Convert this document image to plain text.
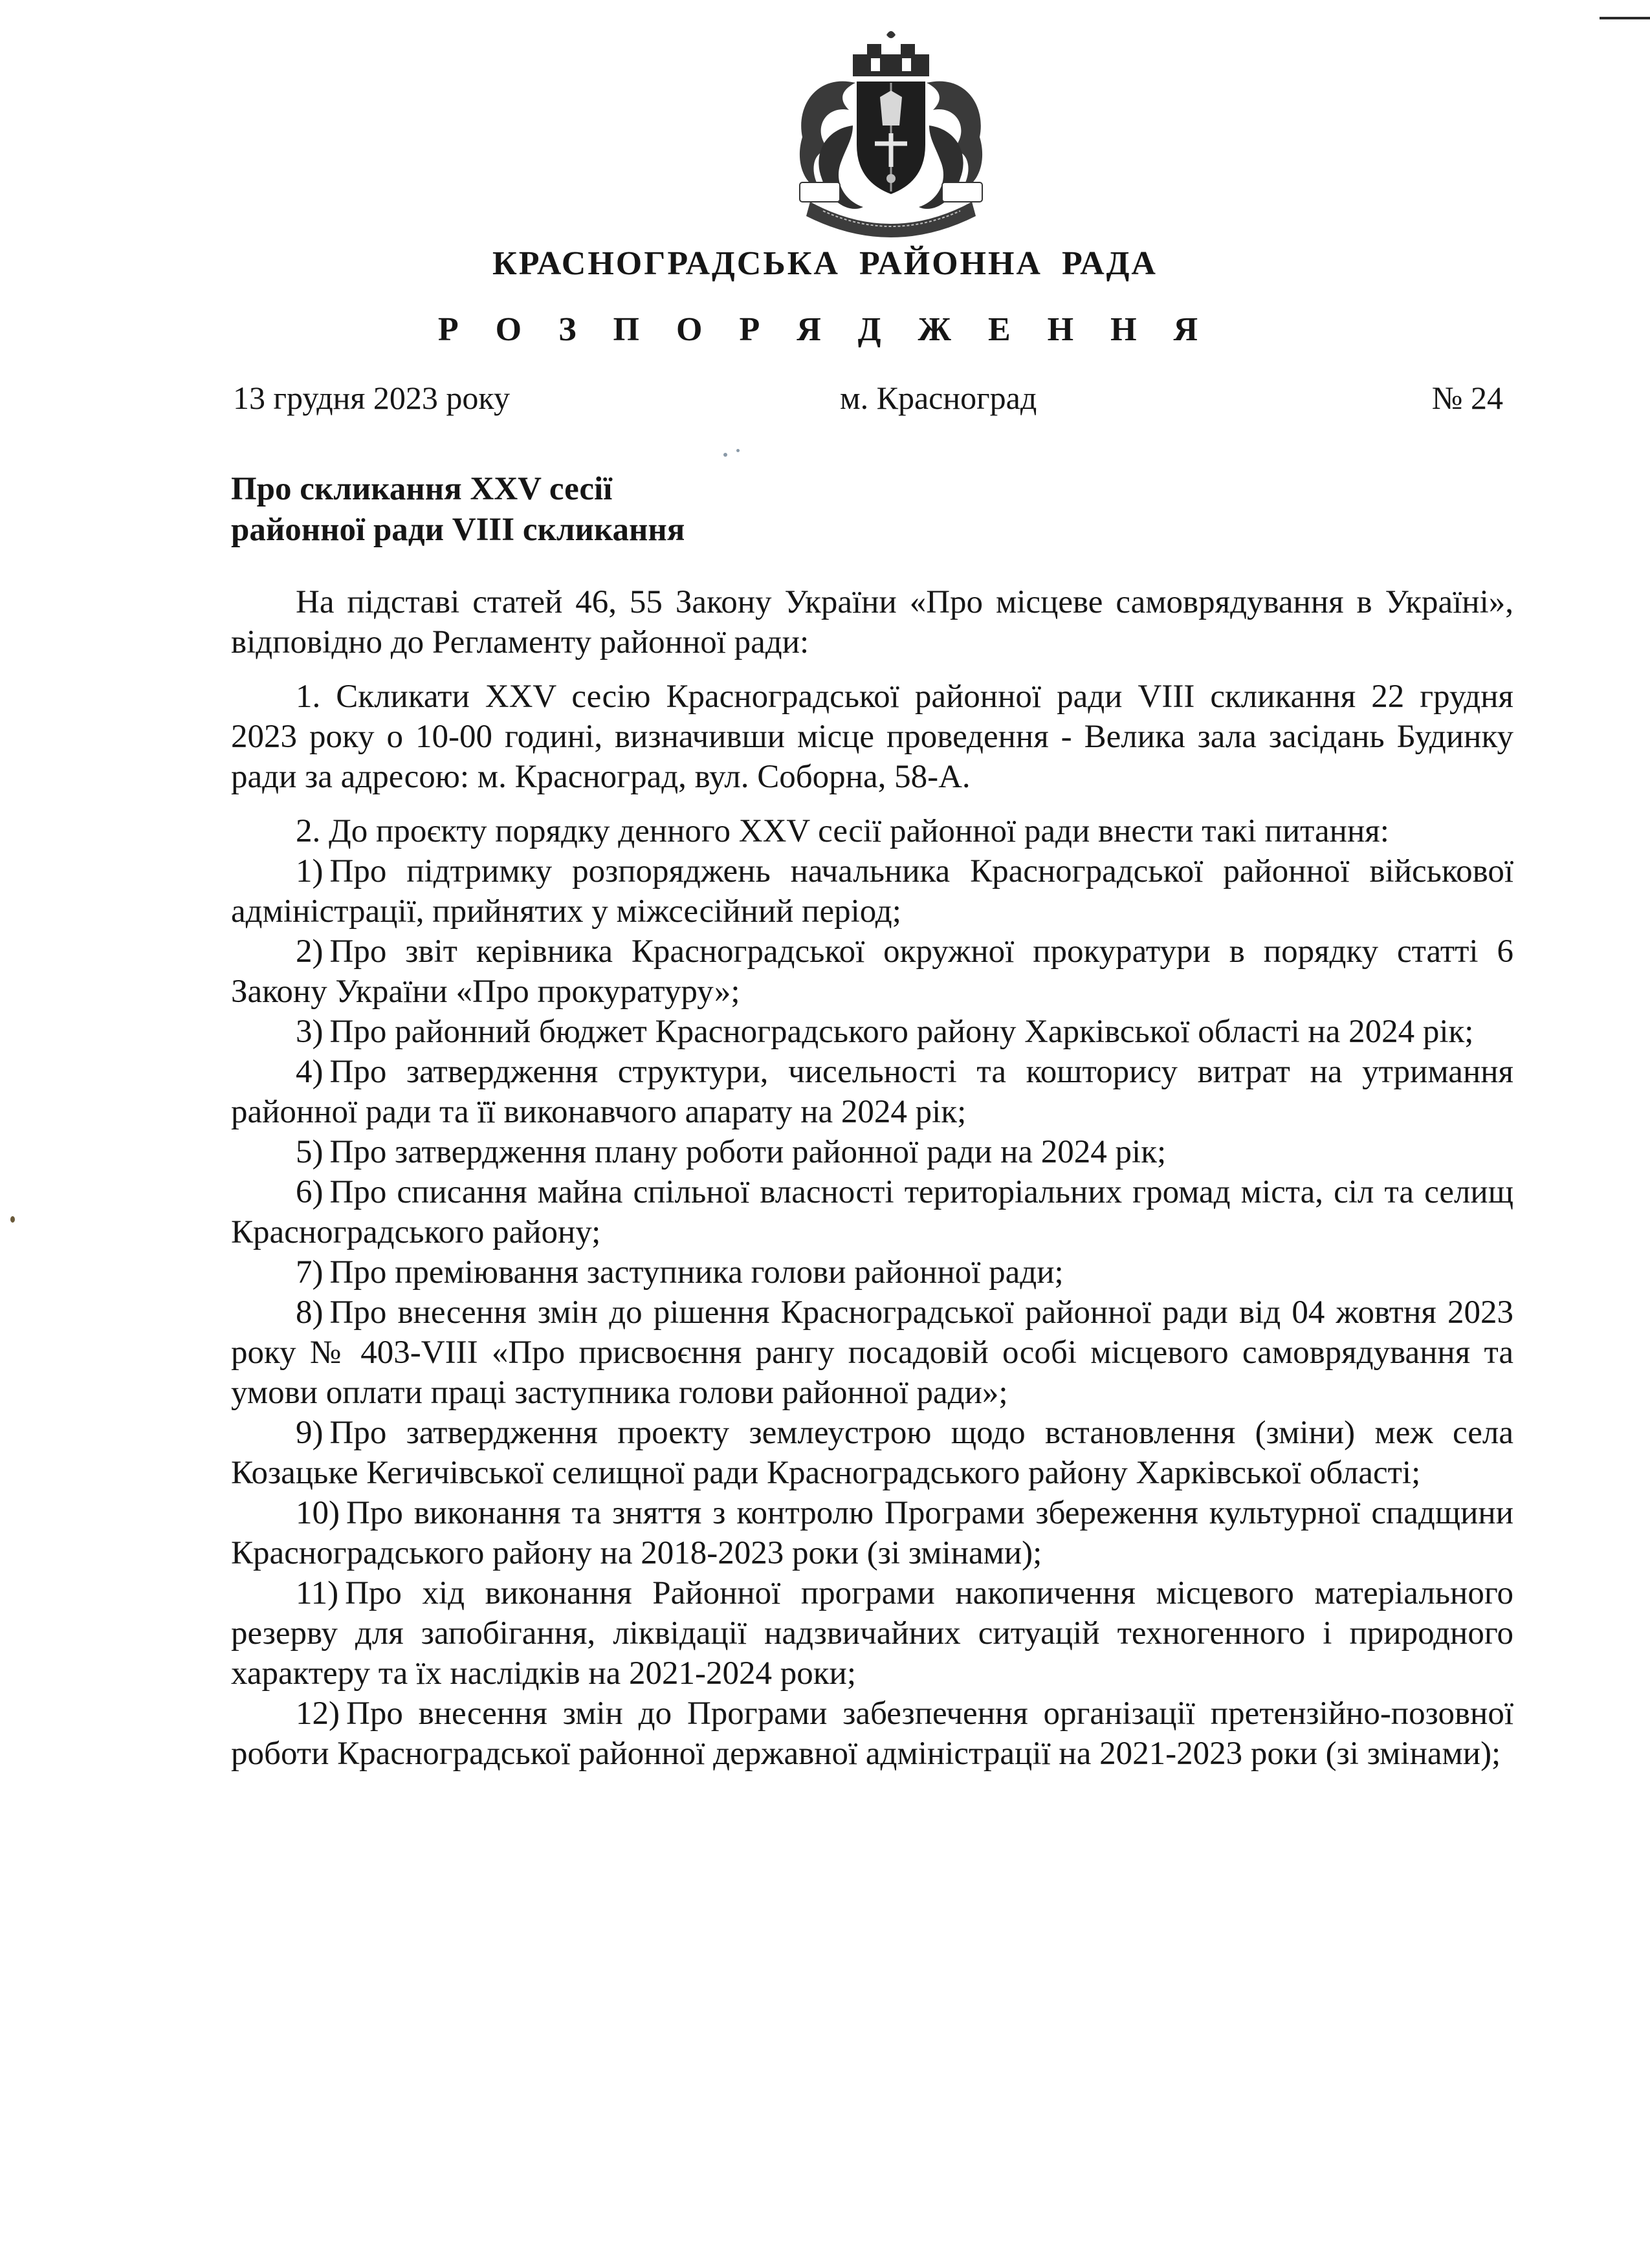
КРАСНОГРАДСЬКА РАЙОННА РАДА
Р О З П О Р Я Д Ж Е Н Н Я
13 грудня 2023 року	м. Красноград	№ 24
Про скликання XXV сесії
районної ради VIII скликання

На підставі статей 46, 55 Закону України «Про місцеве самоврядування в Україні», відповідно до Регламенту районної ради:

1. Скликати XXV сесію Красноградської районної ради VIII скликання 22 грудня 2023 року о 10-00 годині, визначивши місце проведення - Велика зала засідань Будинку ради за адресою: м. Красноград, вул. Соборна, 58-А.

2. До проєкту порядку денного XXV сесії районної ради внести такі питання:

1) Про підтримку розпоряджень начальника Красноградської районної військової адміністрації, прийнятих у міжсесійний період;
2) Про звіт керівника Красноградської окружної прокуратури в порядку статті 6 Закону України «Про прокуратуру»;
3) Про районний бюджет Красноградського району Харківської області на 2024 рік;
4) Про затвердження структури, чисельності та кошторису витрат на утримання районної ради та її виконавчого апарату на 2024 рік;
5) Про затвердження плану роботи районної ради на 2024 рік;
6) Про списання майна спільної власності територіальних громад міста, сіл та селищ Красноградського району;
7) Про преміювання заступника голови районної ради;
8) Про внесення змін до рішення Красноградської районної ради від 04 жовтня 2023 року № 403-VIII «Про присвоєння рангу посадовій особі місцевого самоврядування та умови оплати праці заступника голови районної ради»;
9) Про затвердження проекту землеустрою щодо встановлення (зміни) меж села Козацьке Кегичівської селищної ради Красноградського району Харківської області;
10) Про виконання та зняття з контролю Програми збереження культурної спадщини Красноградського району на 2018-2023 роки (зі змінами);
11) Про хід виконання Районної програми накопичення місцевого матеріального резерву для запобігання, ліквідації надзвичайних ситуацій техногенного і природного характеру та їх наслідків на 2021-2024 роки;
12) Про внесення змін до Програми забезпечення організації претензійно-позовної роботи Красноградської районної державної адміністрації на 2021-2023 роки (зі змінами);
